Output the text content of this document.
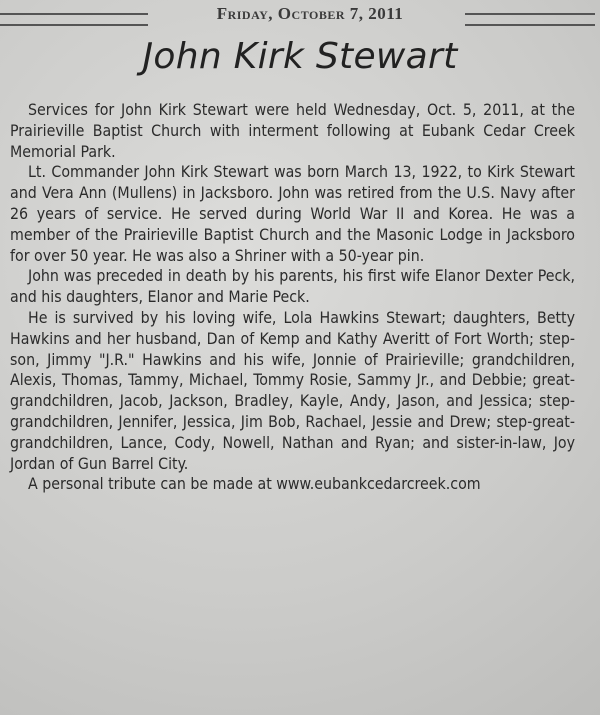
Friday, October 7, 2011
John Kirk Stewart

Services for John Kirk Stewart were held Wednesday, Oct. 5, 2011, at the Prairieville Baptist Church with interment following at Eubank Cedar Creek Memorial Park.

Lt. Commander John Kirk Stewart was born March 13, 1922, to Kirk Stewart and Vera Ann (Mullens) in Jacksboro. John was retired from the U.S. Navy after 26 years of service. He served during World War II and Korea. He was a member of the Prairieville Baptist Church and the Masonic Lodge in Jacksboro for over 50 year. He was also a Shriner with a 50-year pin.

John was preceded in death by his parents, his first wife Elanor Dexter Peck, and his daughters, Elanor and Marie Peck.

He is survived by his loving wife, Lola Hawkins Stewart; daughters, Betty Hawkins and her husband, Dan of Kemp and Kathy Averitt of Fort Worth; step-son, Jimmy "J.R." Hawkins and his wife, Jonnie of Prairieville; grandchildren, Alexis, Thomas, Tammy, Michael, Tommy Rosie, Sammy Jr., and Debbie; great-grandchildren, Jacob, Jackson, Bradley, Kayle, Andy, Jason, and Jessica; step-grandchildren, Jennifer, Jessica, Jim Bob, Rachael, Jessie and Drew; step-great-grandchildren, Lance, Cody, Nowell, Nathan and Ryan; and sister-in-law, Joy Jordan of Gun Barrel City.

A personal tribute can be made at www.eubankcedarcreek.com
